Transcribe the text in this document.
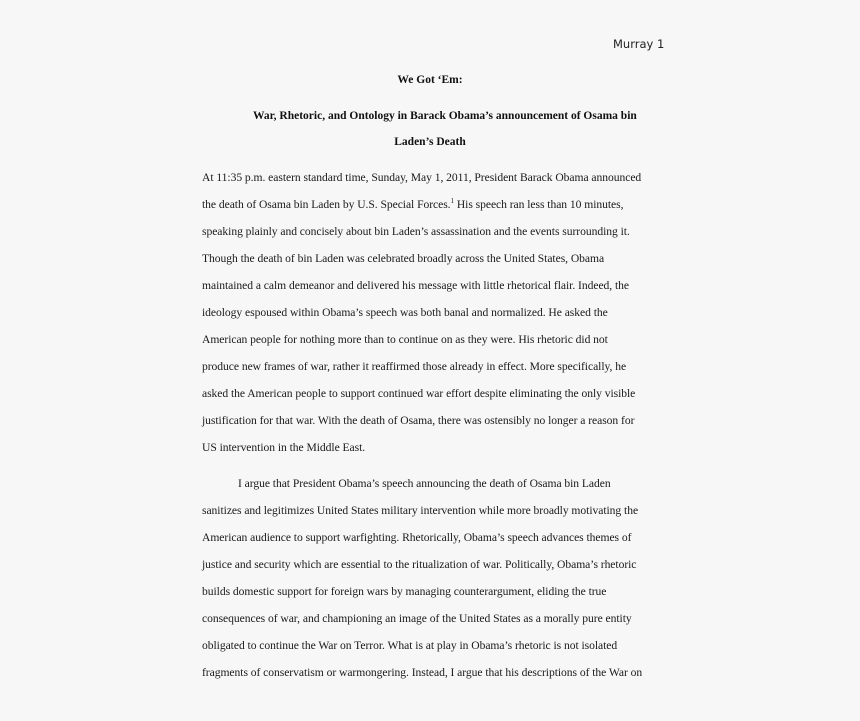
Murray 1
We Got ‘Em:
War, Rhetoric, and Ontology in Barack Obama’s announcement of Osama bin
Laden’s Death
At 11:35 p.m. eastern standard time, Sunday, May 1, 2011, President Barack Obama announced
the death of Osama bin Laden by U.S. Special Forces.$^1$ His speech ran less than 10 minutes,
speaking plainly and concisely about bin Laden’s assassination and the events surrounding it.
Though the death of bin Laden was celebrated broadly across the United States, Obama
maintained a calm demeanor and delivered his message with little rhetorical flair. Indeed, the
ideology espoused within Obama’s speech was both banal and normalized. He asked the
American people for nothing more than to continue on as they were. His rhetoric did not
produce new frames of war, rather it reaffirmed those already in effect. More specifically, he
asked the American people to support continued war effort despite eliminating the only visible
justification for that war. With the death of Osama, there was ostensibly no longer a reason for
US intervention in the Middle East.
I argue that President Obama’s speech announcing the death of Osama bin Laden
sanitizes and legitimizes United States military intervention while more broadly motivating the
American audience to support warfighting. Rhetorically, Obama’s speech advances themes of
justice and security which are essential to the ritualization of war. Politically, Obama’s rhetoric
builds domestic support for foreign wars by managing counterargument, eliding the true
consequences of war, and championing an image of the United States as a morally pure entity
obligated to continue the War on Terror. What is at play in Obama’s rhetoric is not isolated
fragments of conservatism or warmongering. Instead, I argue that his descriptions of the War on
